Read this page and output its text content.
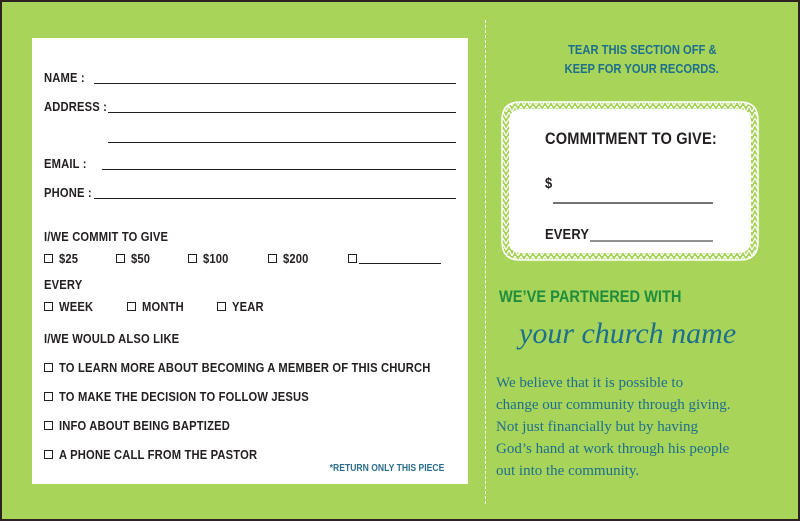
NAME :
ADDRESS :
EMAIL :
PHONE :
I/WE COMMIT TO GIVE
$25	$50	$100	$200
EVERY
WEEK	MONTH	YEAR
I/WE WOULD ALSO LIKE
TO LEARN MORE ABOUT BECOMING A MEMBER OF THIS CHURCH
TO MAKE THE DECISION TO FOLLOW JESUS
INFO ABOUT BEING BAPTIZED
A PHONE CALL FROM THE PASTOR
*RETURN ONLY THIS PIECE
TEAR THIS SECTION OFF &
KEEP FOR YOUR RECORDS.
COMMITMENT TO GIVE:
$
EVERY
WE’VE PARTNERED WITH
your church name
We believe that it is possible to
change our community through giving.
Not just financially but by having
God’s hand at work through his people
out into the community.
